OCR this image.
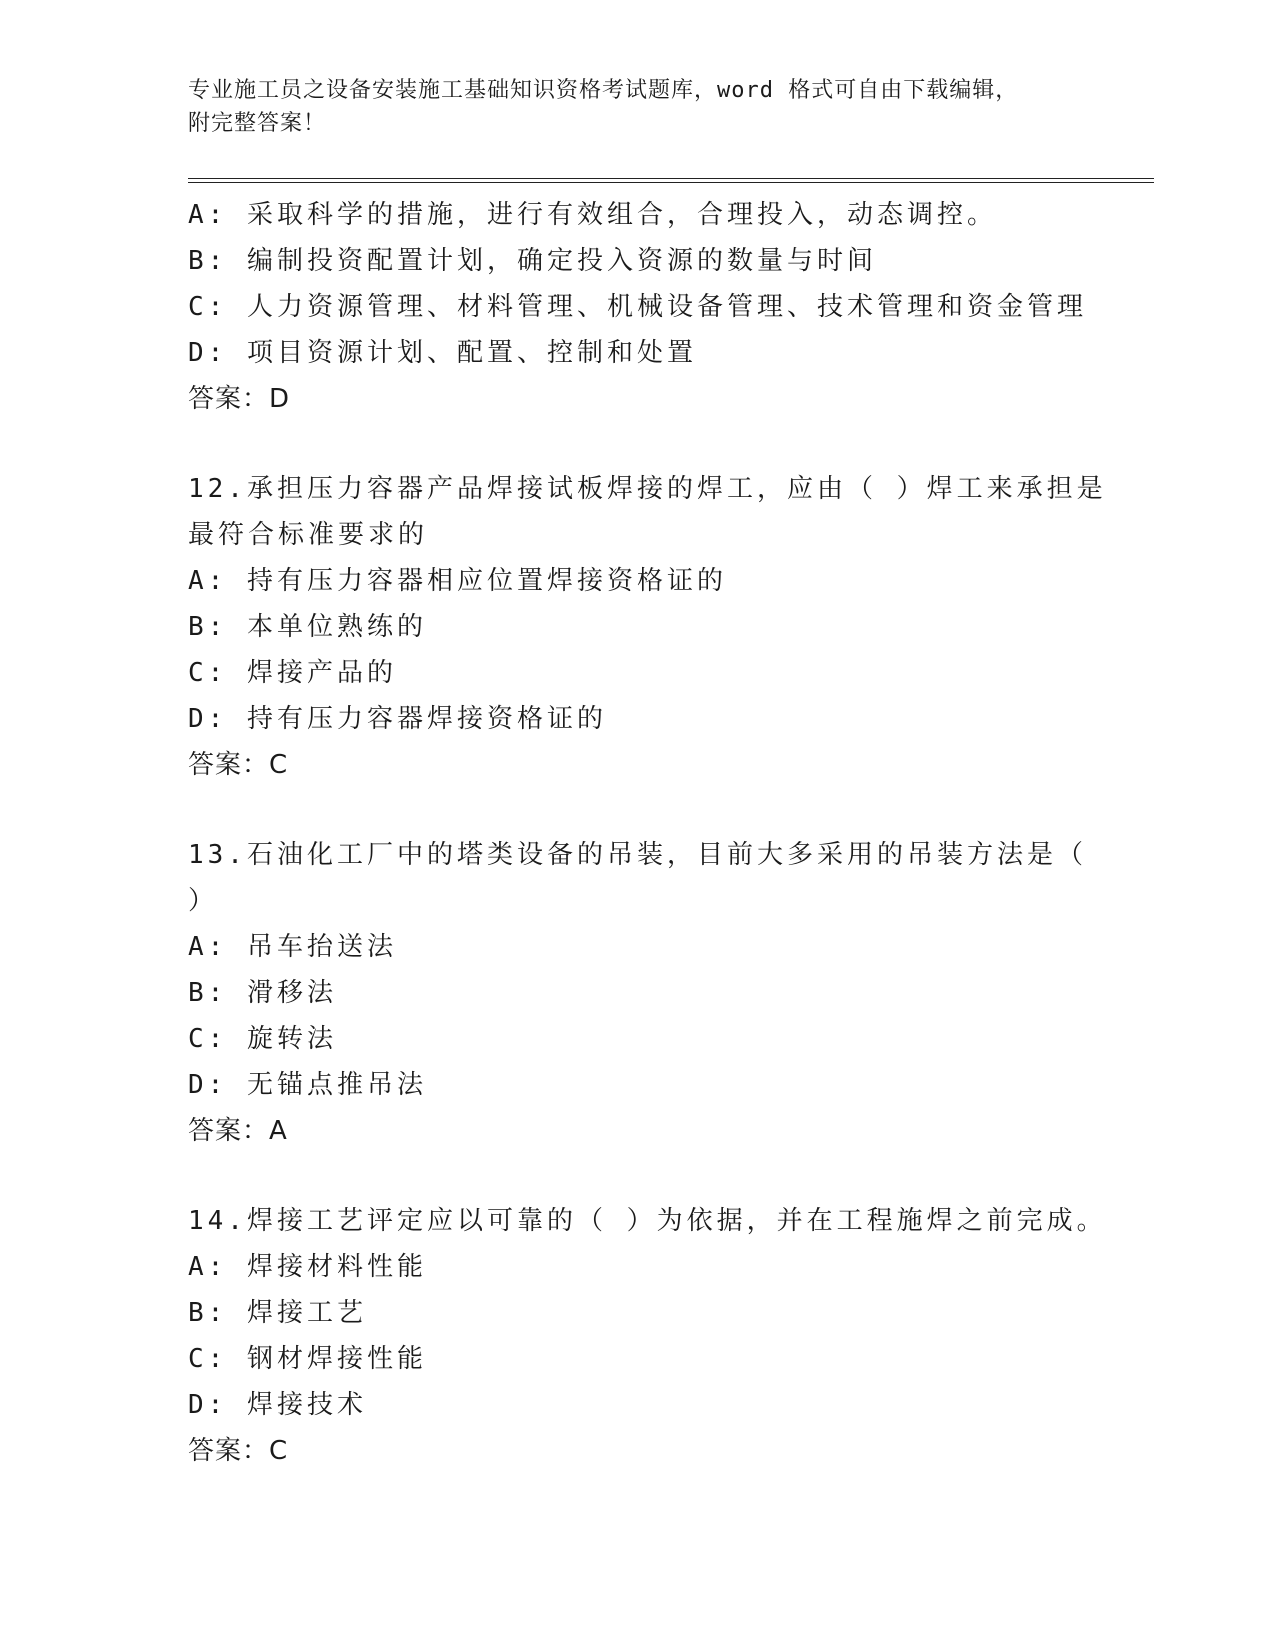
专业施工员之设备安装施工基础知识资格考试题库，word 格式可自由下载编辑，
附完整答案！
A: 采取科学的措施，进行有效组合，合理投入，动态调控。
B: 编制投资配置计划，确定投入资源的数量与时间
C: 人力资源管理、材料管理、机械设备管理、技术管理和资金管理
D: 项目资源计划、配置、控制和处置
答案：D
12.承担压力容器产品焊接试板焊接的焊工，应由（ ）焊工来承担是
最符合标准要求的
A: 持有压力容器相应位置焊接资格证的
B: 本单位熟练的
C: 焊接产品的
D: 持有压力容器焊接资格证的
答案：C
13.石油化工厂中的塔类设备的吊装，目前大多采用的吊装方法是（
）
A: 吊车抬送法
B: 滑移法
C: 旋转法
D: 无锚点推吊法
答案：A
14.焊接工艺评定应以可靠的（ ）为依据，并在工程施焊之前完成。
A: 焊接材料性能
B: 焊接工艺
C: 钢材焊接性能
D: 焊接技术
答案：C
